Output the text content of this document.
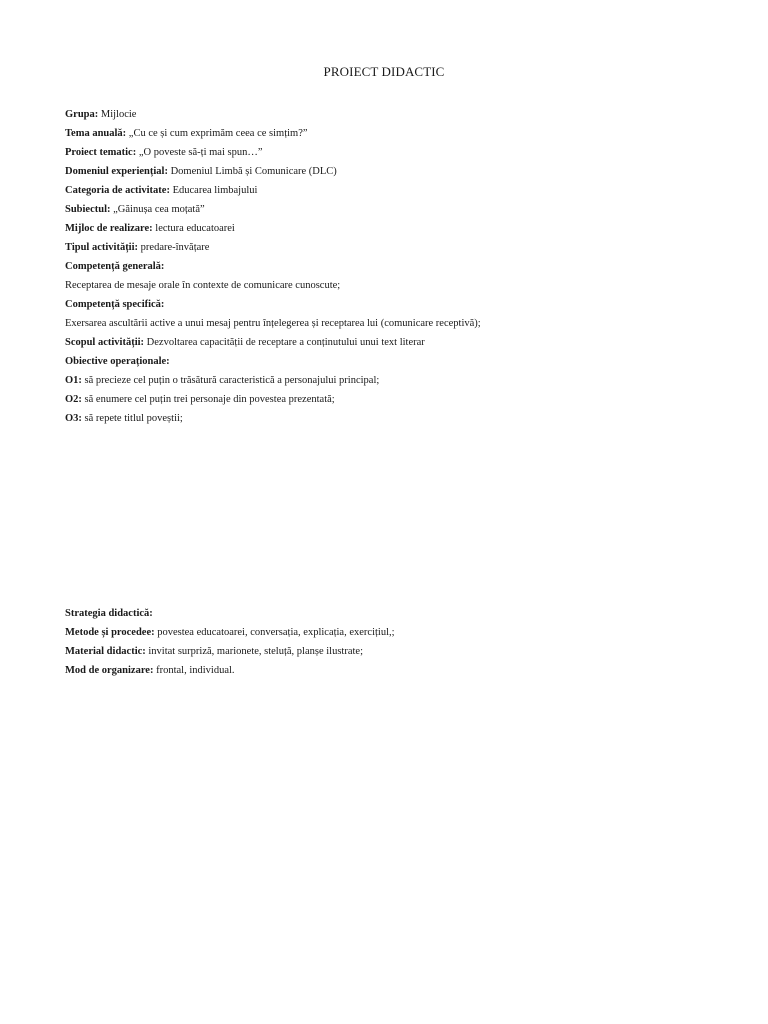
PROIECT DIDACTIC
Grupa: Mijlocie
Tema anuală: „Cu ce și cum exprimăm ceea ce simțim?”
Proiect tematic: „O poveste să-ți mai spun…”
Domeniul experiențial: Domeniul Limbă și Comunicare (DLC)
Categoria de activitate: Educarea limbajului
Subiectul: „Găinușa cea moțată”
Mijloc de realizare: lectura educatoarei
Tipul activității: predare-învățare
Competență generală:
Receptarea de mesaje orale în contexte de comunicare cunoscute;
Competență specifică:
Exersarea ascultării active a unui mesaj pentru înțelegerea și receptarea lui (comunicare receptivă);
Scopul activității: Dezvoltarea capacității de receptare a conținutului unui text literar
Obiective operaționale:
O1: să precieze cel puțin o trăsătură caracteristică a personajului principal;
O2: să enumere cel puțin trei personaje din povestea prezentată;
O3: să repete titlul poveștii;
Strategia didactică:
Metode și procedee: povestea educatoarei, conversația, explicația, exercițiul,;
Material didactic: invitat surpriză, marionete, steluță, planșe ilustrate;
Mod de organizare: frontal, individual.
